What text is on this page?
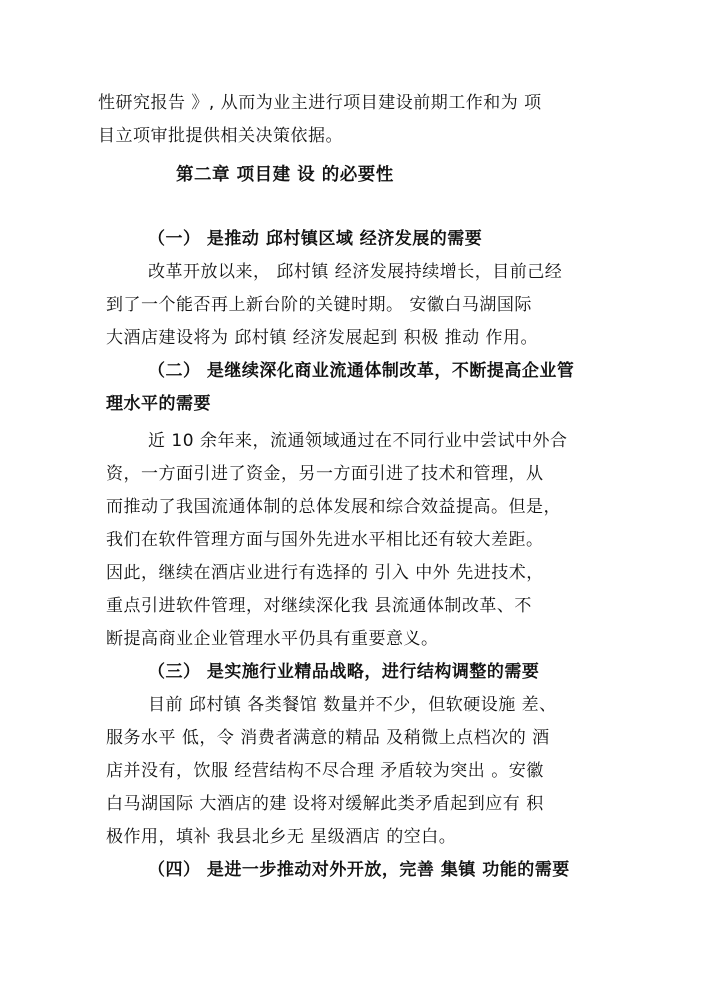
性研究报告 》, 从而为业主进行项目建设前期工作和为 项
目立项审批提供相关决策依据。
第二章 项目建 设 的必要性
（一） 是推动 邱村镇区域 经济发展的需要
改革开放以来， 邱村镇 经济发展持续增长，目前己经
到了一个能否再上新台阶的关键时期。 安徽白马湖国际
大酒店建设将为 邱村镇 经济发展起到 积极 推动 作用。
（二） 是继续深化商业流通体制改革，不断提高企业管
理水平的需要
近 10 余年来，流通领域通过在不同行业中尝试中外合
资，一方面引进了资金，另一方面引进了技术和管理，从
而推动了我国流通体制的总体发展和综合效益提高。但是，
我们在软件管理方面与国外先进水平相比还有较大差距。
因此，继续在酒店业进行有选择的 引入 中外 先进技术，
重点引进软件管理，对继续深化我 县流通体制改革、不
断提高商业企业管理水平仍具有重要意义。
（三） 是实施行业精品战略，进行结构调整的需要
目前 邱村镇 各类餐馆 数量并不少，但软硬设施 差、
服务水平 低，令 消费者满意的精品 及稍微上点档次的 酒
店并没有，饮服 经营结构不尽合理 矛盾较为突出 。安徽
白马湖国际 大酒店的建 设将对缓解此类矛盾起到应有 积
极作用，填补 我县北乡无 星级酒店 的空白。
（四） 是进一步推动对外开放，完善 集镇 功能的需要
